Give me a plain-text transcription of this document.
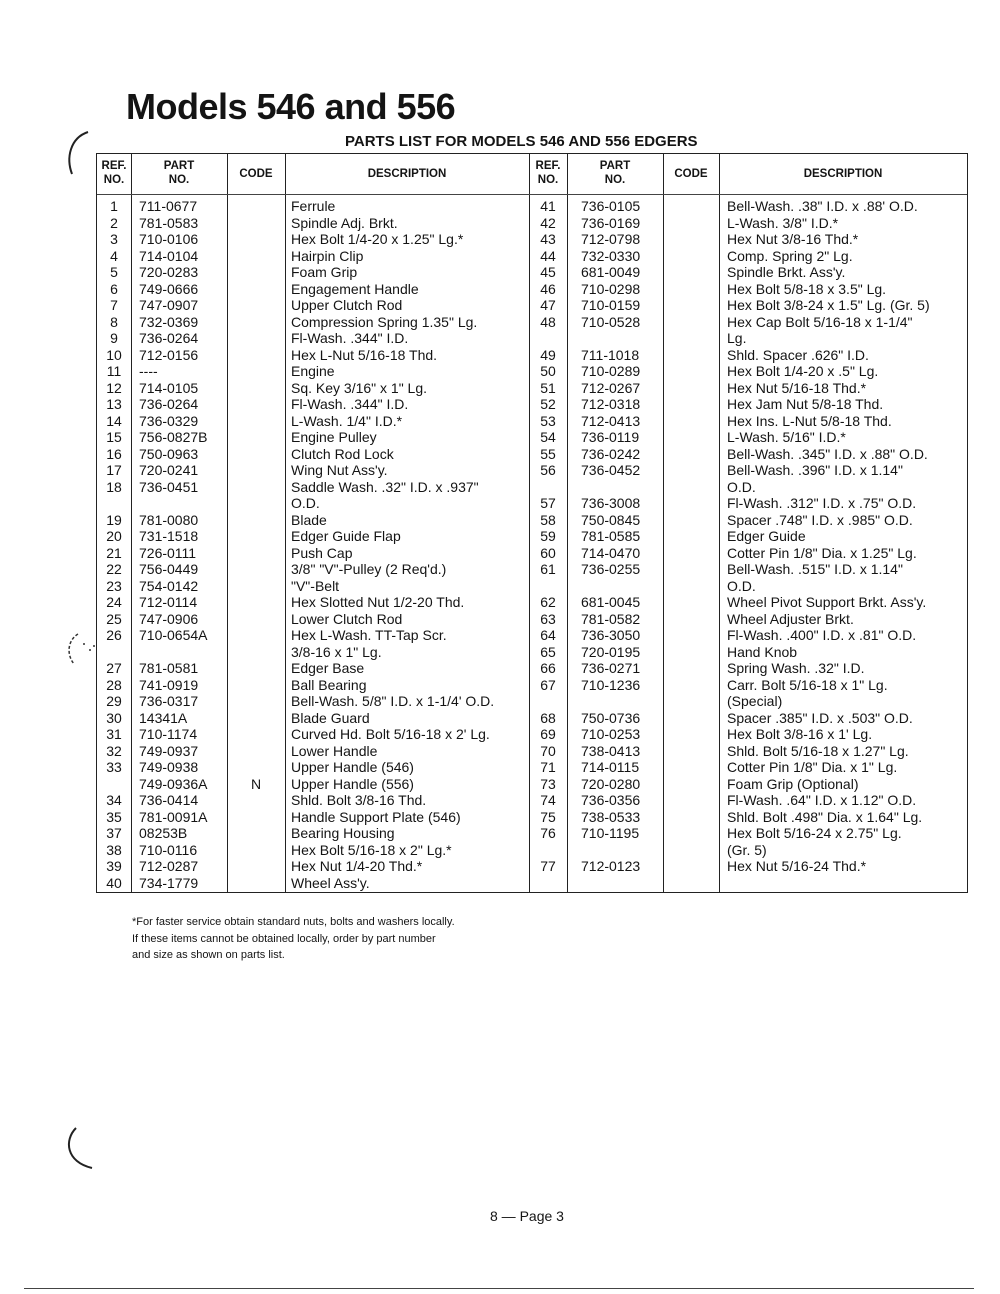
Models 546 and 556
PARTS LIST FOR MODELS 546 AND 556 EDGERS
REF.
NO.
PART
NO.	CODE	DESCRIPTION
REF.
NO.
PART
NO.	CODE	DESCRIPTION
1	711-0677	Ferrule
2	781-0583	Spindle Adj. Brkt.
3	710-0106	Hex Bolt 1/4-20 x 1.25" Lg.*
4	714-0104	Hairpin Clip
5	720-0283	Foam Grip
6	749-0666	Engagement Handle
7	747-0907	Upper Clutch Rod
8	732-0369	Compression Spring 1.35" Lg.
9	736-0264	Fl-Wash. .344" I.D.
10	712-0156	Hex L-Nut 5/16-18 Thd.
11	----	Engine
12	714-0105	Sq. Key 3/16" x 1" Lg.
13	736-0264	Fl-Wash. .344" I.D.
14	736-0329	L-Wash. 1/4" I.D.*
15	756-0827B	Engine Pulley
16	750-0963	Clutch Rod Lock
17	720-0241	Wing Nut Ass'y.
18	736-0451	Saddle Wash. .32" I.D. x .937"
O.D.
19	781-0080	Blade
20	731-1518	Edger Guide Flap
21	726-0111	Push Cap
22	756-0449	3/8" "V"-Pulley (2 Req'd.)
23	754-0142	"V"-Belt
24	712-0114	Hex Slotted Nut 1/2-20 Thd.
25	747-0906	Lower Clutch Rod
26	710-0654A	Hex L-Wash. TT-Tap Scr.
3/8-16 x 1" Lg.
27	781-0581	Edger Base
28	741-0919	Ball Bearing
29	736-0317	Bell-Wash. 5/8" I.D. x 1-1/4' O.D.
30	14341A	Blade Guard
31	710-1174	Curved Hd. Bolt 5/16-18 x 2' Lg.
32	749-0937	Lower Handle
33	749-0938	Upper Handle (546)
749-0936A	N	Upper Handle (556)
34	736-0414	Shld. Bolt 3/8-16 Thd.
35	781-0091A	Handle Support Plate (546)
37	08253B	Bearing Housing
38	710-0116	Hex Bolt 5/16-18 x 2" Lg.*
39	712-0287	Hex Nut 1/4-20 Thd.*
40	734-1779	Wheel Ass'y.
41	736-0105	Bell-Wash. .38" I.D. x .88' O.D.
42	736-0169	L-Wash. 3/8" I.D.*
43	712-0798	Hex Nut 3/8-16 Thd.*
44	732-0330	Comp. Spring 2" Lg.
45	681-0049	Spindle Brkt. Ass'y.
46	710-0298	Hex Bolt 5/8-18 x 3.5" Lg.
47	710-0159	Hex Bolt 3/8-24 x 1.5" Lg. (Gr. 5)
48	710-0528	Hex Cap Bolt 5/16-18 x 1-1/4"
Lg.
49	711-1018	Shld. Spacer .626" I.D.
50	710-0289	Hex Bolt 1/4-20 x .5" Lg.
51	712-0267	Hex Nut 5/16-18 Thd.*
52	712-0318	Hex Jam Nut 5/8-18 Thd.
53	712-0413	Hex Ins. L-Nut 5/8-18 Thd.
54	736-0119	L-Wash. 5/16" I.D.*
55	736-0242	Bell-Wash. .345" I.D. x .88" O.D.
56	736-0452	Bell-Wash. .396" I.D. x 1.14"
O.D.
57	736-3008	Fl-Wash. .312" I.D. x .75" O.D.
58	750-0845	Spacer .748" I.D. x .985" O.D.
59	781-0585	Edger Guide
60	714-0470	Cotter Pin 1/8" Dia. x 1.25" Lg.
61	736-0255	Bell-Wash. .515" I.D. x 1.14"
O.D.
62	681-0045	Wheel Pivot Support Brkt. Ass'y.
63	781-0582	Wheel Adjuster Brkt.
64	736-3050	Fl-Wash. .400" I.D. x .81" O.D.
65	720-0195	Hand Knob
66	736-0271	Spring Wash. .32" I.D.
67	710-1236	Carr. Bolt 5/16-18 x 1" Lg.
(Special)
68	750-0736	Spacer .385" I.D. x .503" O.D.
69	710-0253	Hex Bolt 3/8-16 x 1' Lg.
70	738-0413	Shld. Bolt 5/16-18 x 1.27" Lg.
71	714-0115	Cotter Pin 1/8" Dia. x 1" Lg.
73	720-0280	Foam Grip (Optional)
74	736-0356	Fl-Wash. .64" I.D. x 1.12" O.D.
75	738-0533	Shld. Bolt .498" Dia. x 1.64" Lg.
76	710-1195	Hex Bolt 5/16-24 x 2.75" Lg.
(Gr. 5)
77	712-0123	Hex Nut 5/16-24 Thd.*
*For faster service obtain standard nuts, bolts and washers locally.
If these items cannot be obtained locally, order by part number
and size as shown on parts list.
8 — Page 3
